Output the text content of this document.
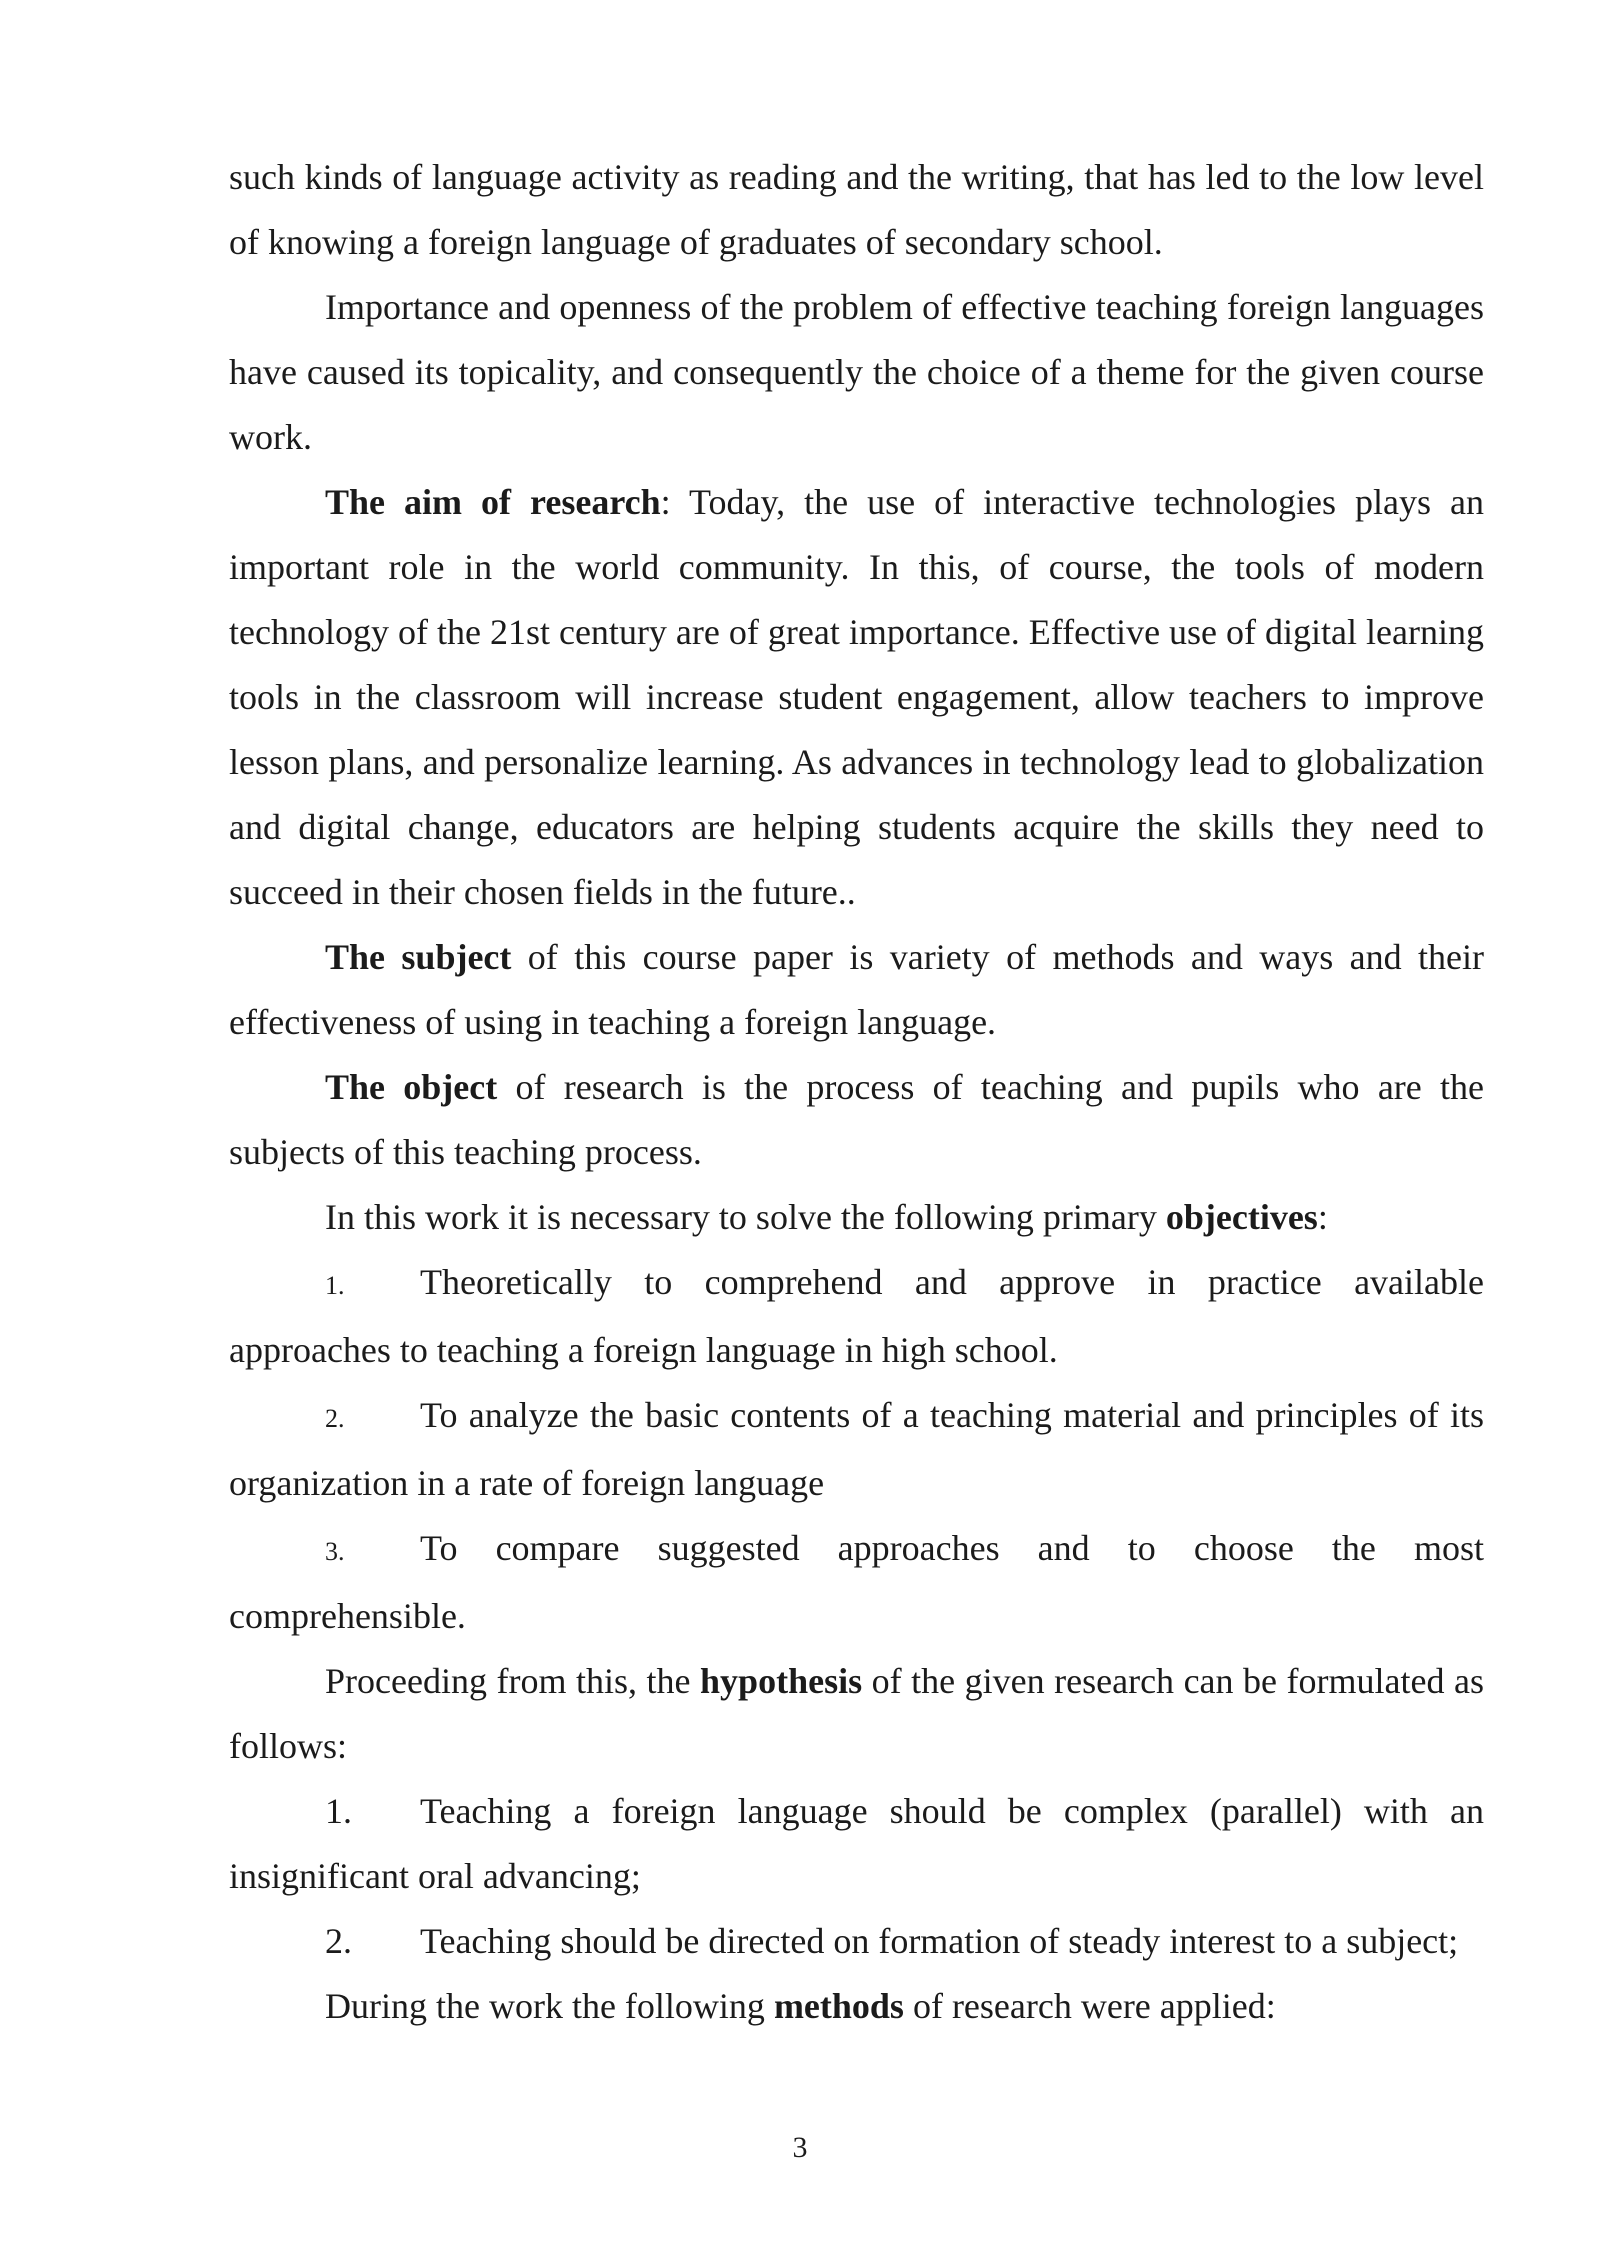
such kinds of language activity as reading and the writing, that has led to the low level of knowing a foreign language of graduates of secondary school.

Importance and openness of the problem of effective teaching foreign languages have caused its topicality, and consequently the choice of a theme for the given course work.

The aim of research: Today, the use of interactive technologies plays an important role in the world community. In this, of course, the tools of modern technology of the 21st century are of great importance. Effective use of digital learning tools in the classroom will increase student engagement, allow teachers to improve lesson plans, and personalize learning. As advances in technology lead to globalization and digital change, educators are helping students acquire the skills they need to succeed in their chosen fields in the future..

The subject of this course paper is variety of methods and ways and their effectiveness of using in teaching a foreign language.

The object of research is the process of teaching and pupils who are the subjects of this teaching process.

In this work it is necessary to solve the following primary objectives:

1. Theoretically to comprehend and approve in practice available approaches to teaching a foreign language in high school.

2. To analyze the basic contents of a teaching material and principles of its organization in a rate of foreign language

3. To compare suggested approaches and to choose the most comprehensible.

Proceeding from this, the hypothesis of the given research can be formulated as follows:

1. Teaching a foreign language should be complex (parallel) with an insignificant oral advancing;

2. Teaching should be directed on formation of steady interest to a subject;

During the work the following methods of research were applied:

3
